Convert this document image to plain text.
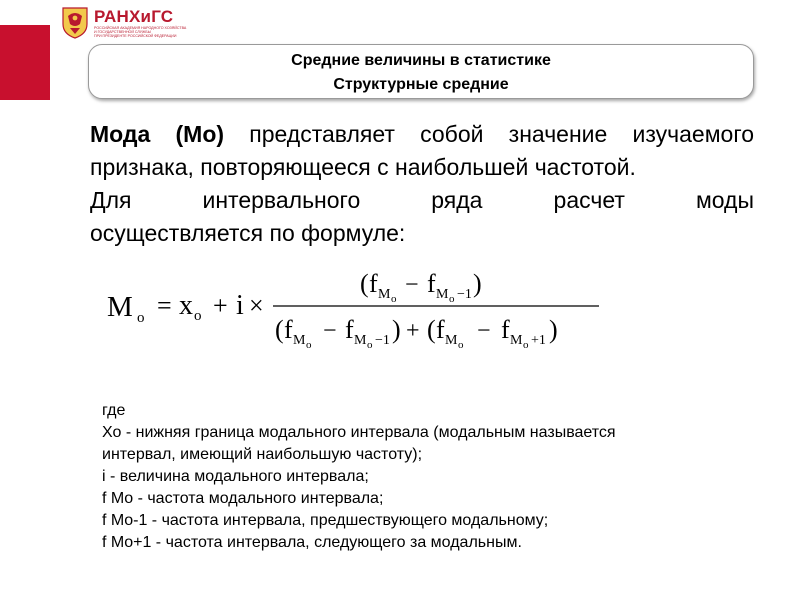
РАНХиГС
РОССИЙСКАЯ АКАДЕМИЯ НАРОДНОГО ХОЗЯЙСТВА
И ГОСУДАРСТВЕННОЙ СЛУЖБЫ
ПРИ ПРЕЗИДЕНТЕ РОССИЙСКОЙ ФЕДЕРАЦИИ
Средние величины в статистике
Структурные средние

Мода (Мо) представляет собой значение изучаемого признака, повторяющееся с наибольшей частотой.

Для интервального ряда расчет моды
осуществляется по формуле:

M o = x o + i ×
( f M o
− f M o −1 )
( f M o
− f M o −1 ) + ( f M o
− f M o +1 )
где
Хо - нижняя граница модального интервала (модальным называется
интервал, имеющий наибольшую частоту);
i - величина модального интервала;
f Mo - частота модального интервала;
f Mo-1 - частота интервала, предшествующего модальному;
f Mo+1 - частота интервала, следующего за модальным.
